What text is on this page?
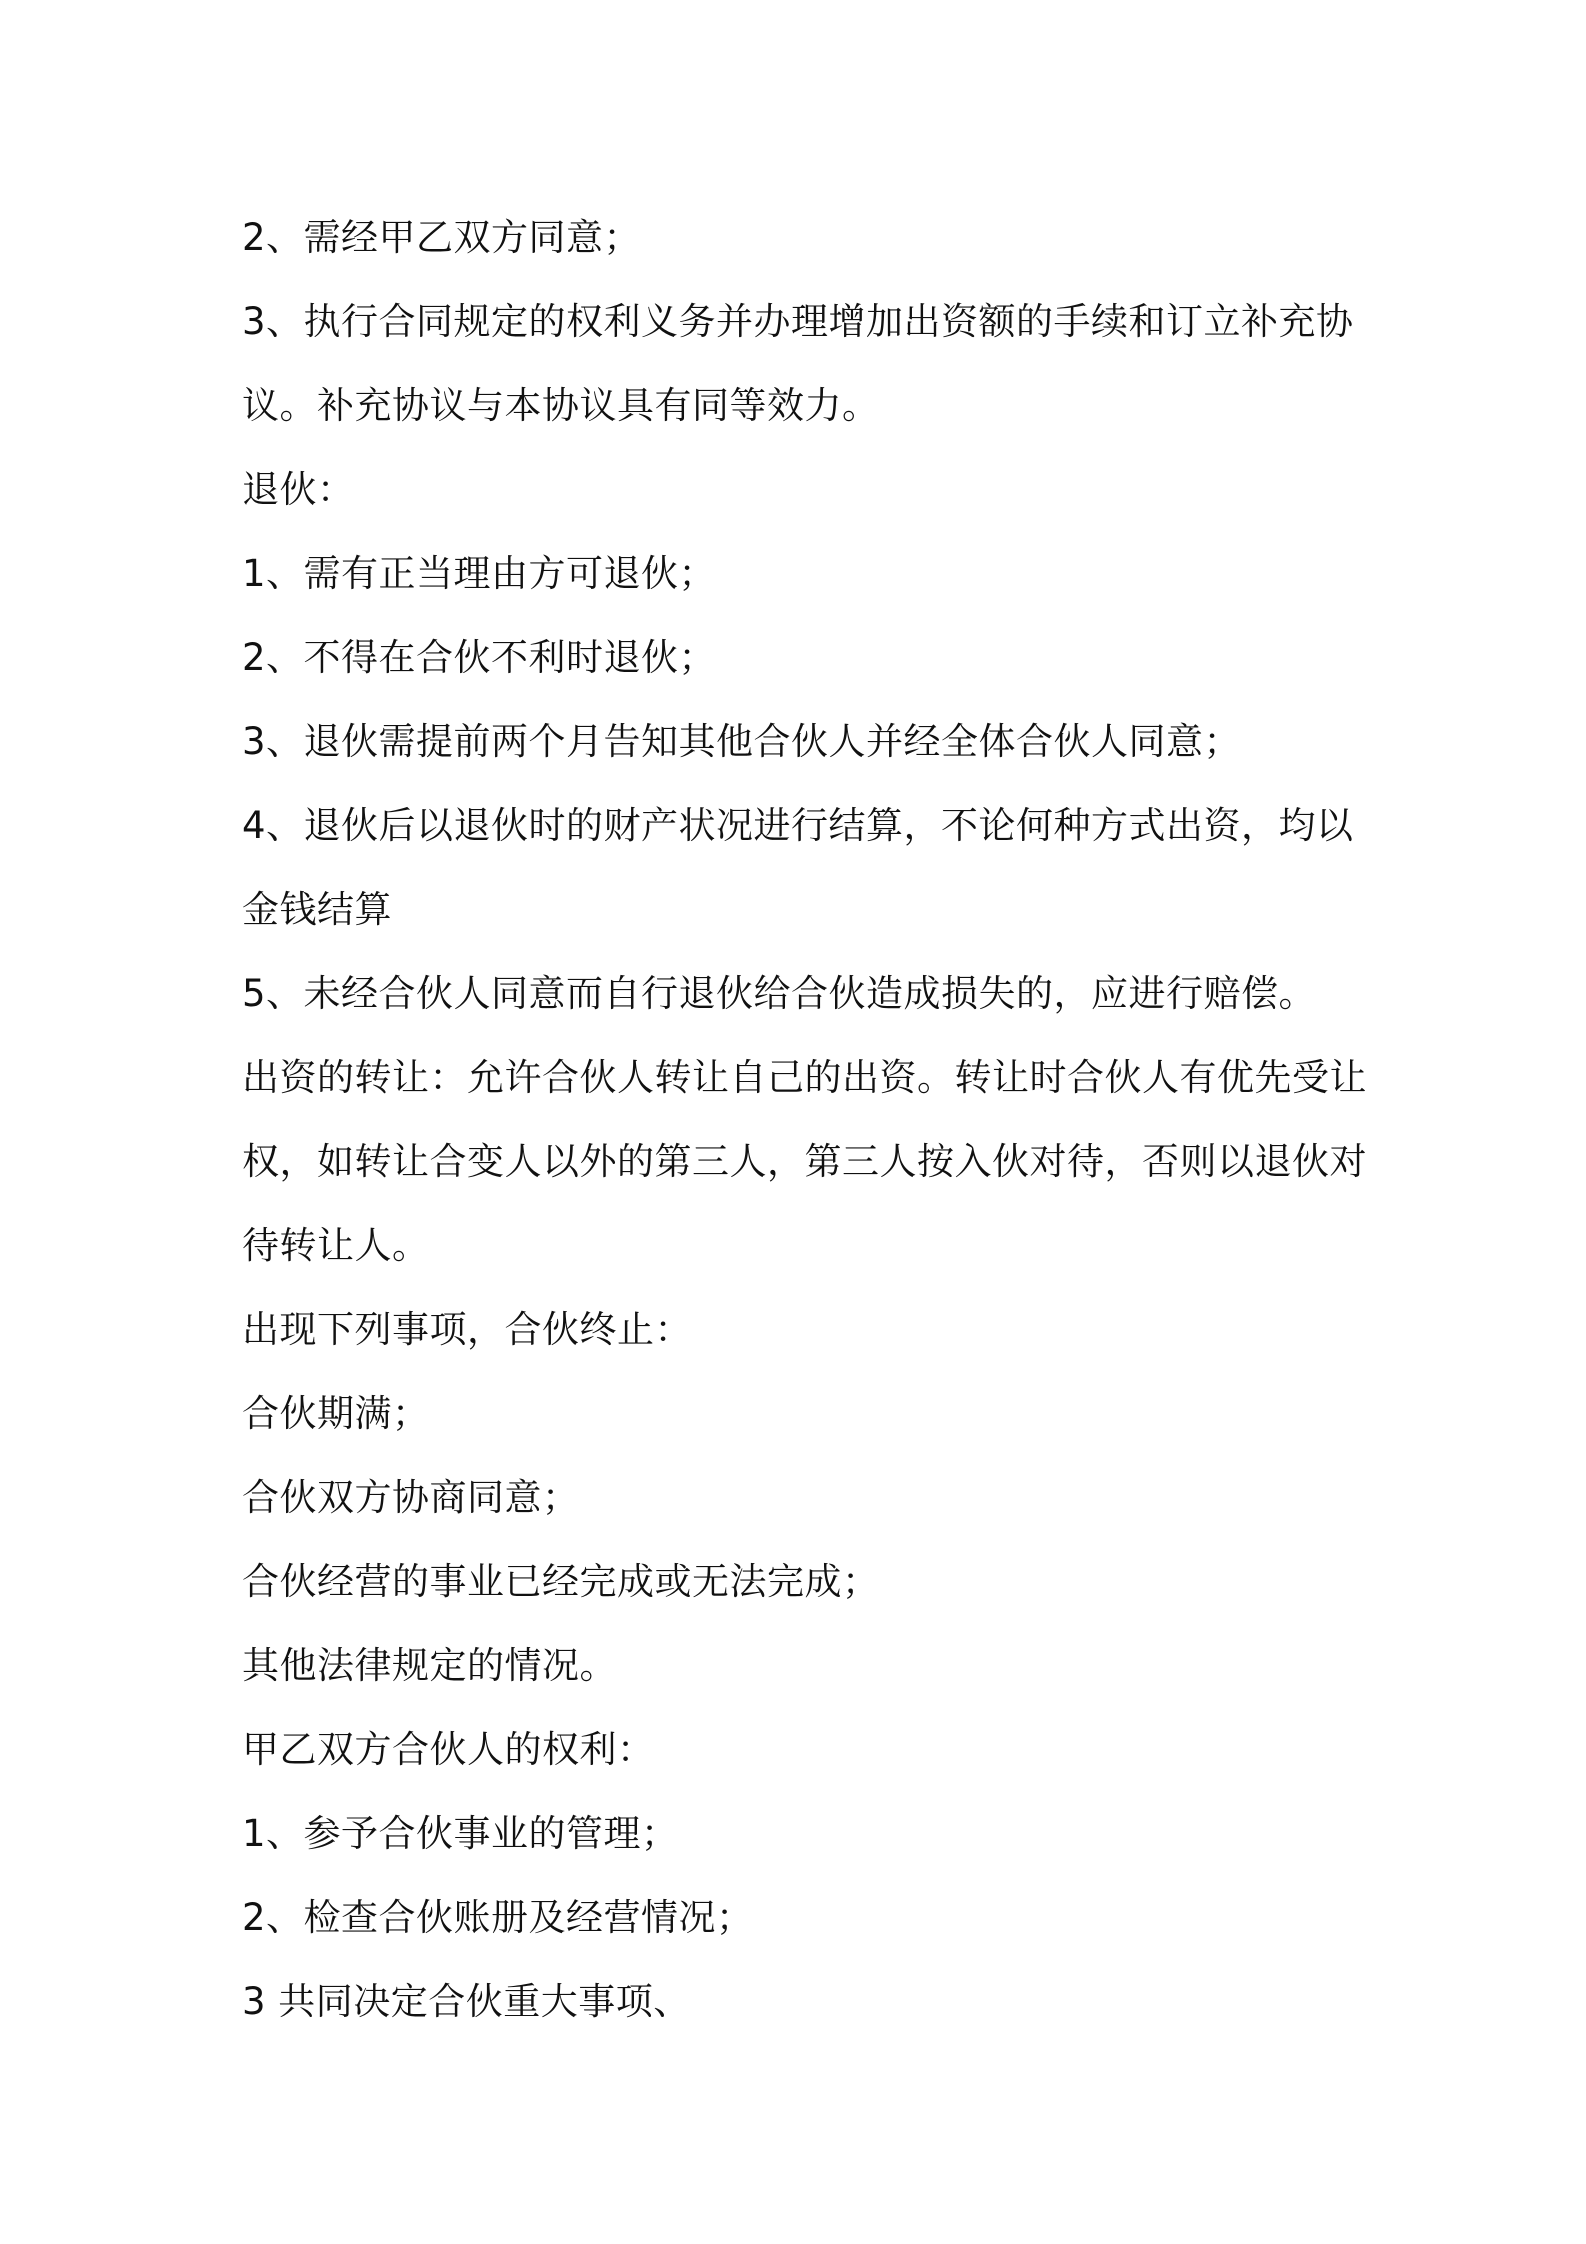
2、需经甲乙双方同意；
3、执行合同规定的权利义务并办理增加出资额的手续和订立补充协
议。补充协议与本协议具有同等效力。
退伙：
1、需有正当理由方可退伙；
2、不得在合伙不利时退伙；
3、退伙需提前两个月告知其他合伙人并经全体合伙人同意；
4、退伙后以退伙时的财产状况进行结算，不论何种方式出资，均以
金钱结算
5、未经合伙人同意而自行退伙给合伙造成损失的，应进行赔偿。
出资的转让：允许合伙人转让自己的出资。转让时合伙人有优先受让
权，如转让合变人以外的第三人，第三人按入伙对待，否则以退伙对
待转让人。
出现下列事项，合伙终止：
合伙期满；
合伙双方协商同意；
合伙经营的事业已经完成或无法完成；
其他法律规定的情况。
甲乙双方合伙人的权利：
1、参予合伙事业的管理；
2、检查合伙账册及经营情况；
3 共同决定合伙重大事项、
